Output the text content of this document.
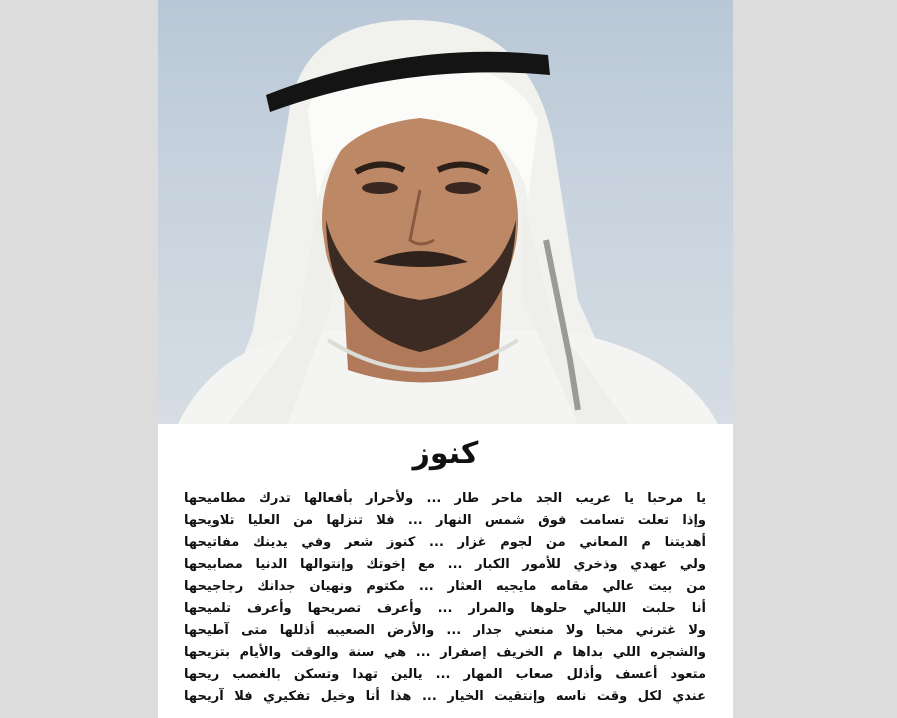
كنوز
يا مرحبا يا عريب الجد ماحر طار ... ولأحرار بأفعالها تدرك مطاميحها
وإذا تعلت تسامت فوق شمس النهار ... فلا تنزلها من العليا تلاويحها
أهديتنا م المعاني من لجوم غزار ... كنوز شعر وفي يدينك مفاتيحها
ولي عهدي وذخري للأمور الكبار ... مع إخوتك وإنتوالها الدنيا مصابيحها
من بيت عالي مقامه مايجيه العثار ... مكتوم ونهيان جدانك رجاجيحها
أنا حلبت الليالي حلوها والمرار ... وأعرف تصريحها وأعرف تلميحها
ولا غترني مخبا ولا منعني جدار ... والأرض الصعيبه أذللها متى آطيحها
والشجره اللي بداها م الخريف إصفرار ... هي سنة والوقت والأيام بتزيحها
متعود أعسف وأذلل صعاب المهار ... يالين تهدا وتسكن بالغصب ريحها
عندي لكل وقت ناسه وإنتقيت الخيار ... هذا أنا وخيل تفكيري فلا آريحها
